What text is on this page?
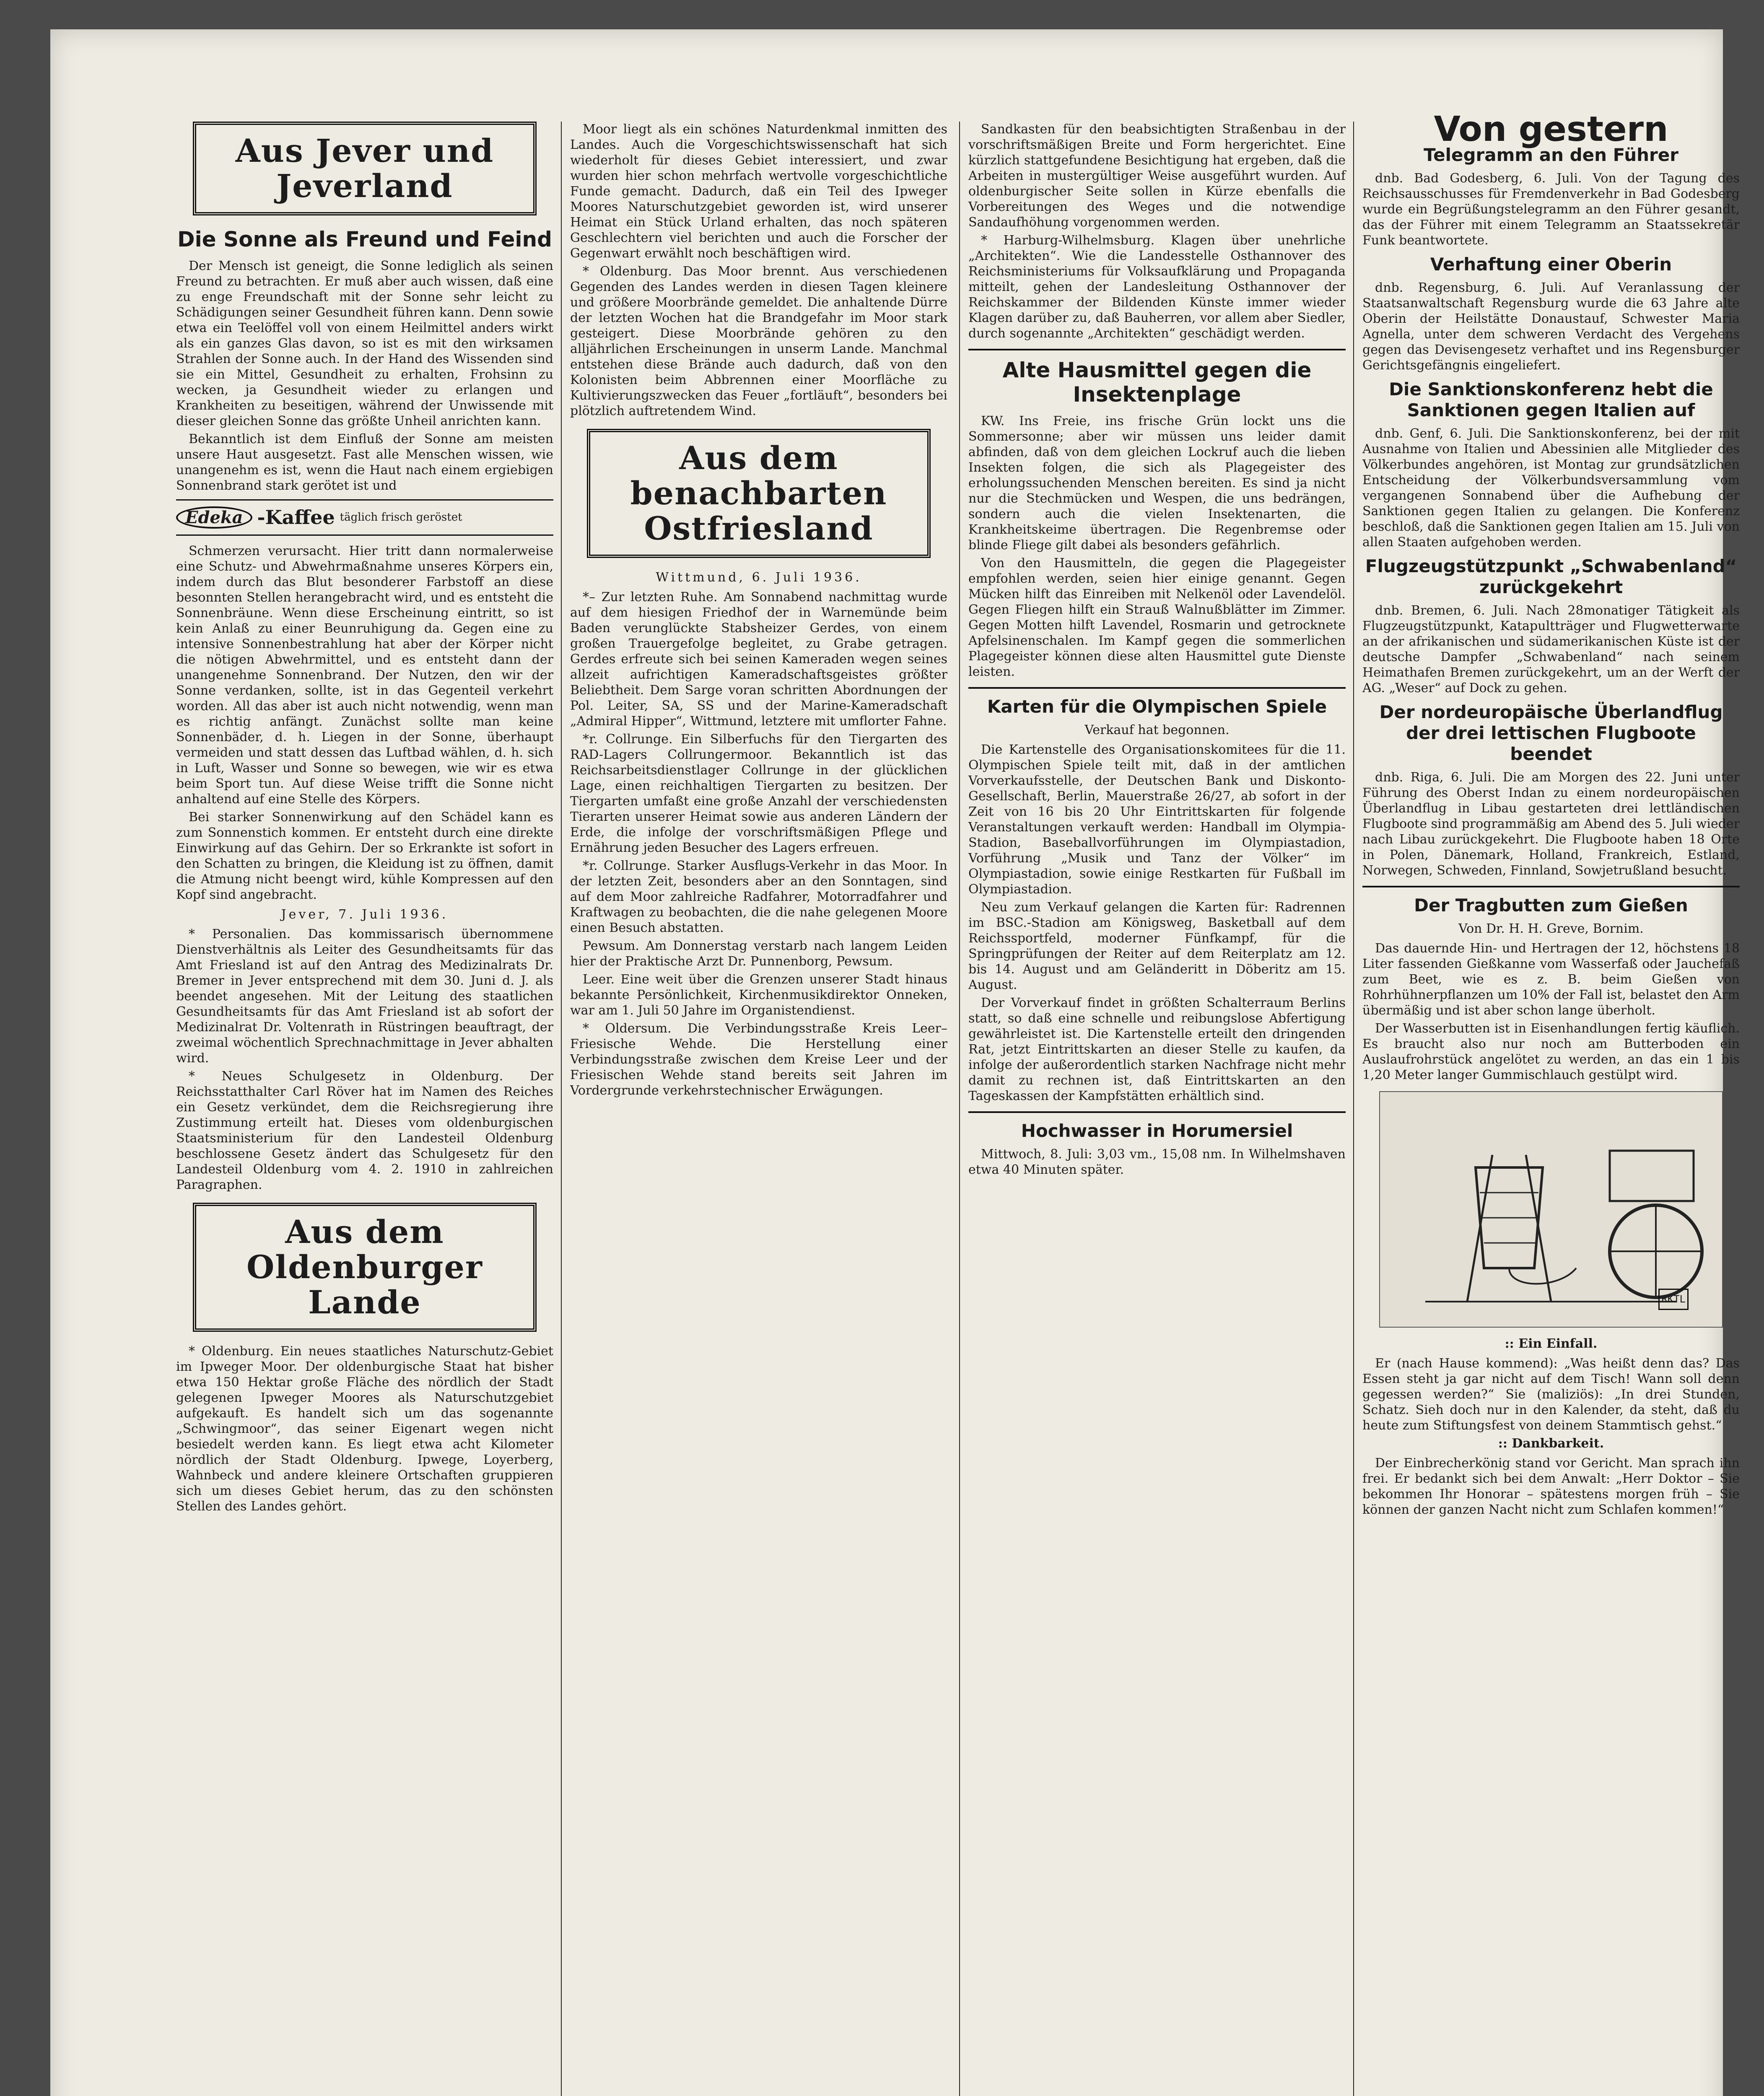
Aus Jever und Jeverland
Die Sonne als Freund und Feind

Der Mensch ist geneigt, die Sonne lediglich als seinen Freund zu betrachten. Er muß aber auch wissen, daß eine zu enge Freundschaft mit der Sonne sehr leicht zu Schädigungen seiner Gesundheit führen kann. Denn sowie etwa ein Teelöffel voll von einem Heilmittel anders wirkt als ein ganzes Glas davon, so ist es mit den wirksamen Strahlen der Sonne auch. In der Hand des Wissenden sind sie ein Mittel, Gesundheit zu erhalten, Frohsinn zu wecken, ja Gesundheit wieder zu erlangen und Krankheiten zu beseitigen, während der Unwissende mit dieser gleichen Sonne das größte Unheil anrichten kann.

Bekanntlich ist dem Einfluß der Sonne am meisten unsere Haut ausgesetzt. Fast alle Menschen wissen, wie unangenehm es ist, wenn die Haut nach einem ergiebigen Sonnenbrand stark gerötet ist und

Edeka -Kaffee täglich frisch geröstet

Schmerzen verursacht. Hier tritt dann normalerweise eine Schutz- und Abwehrmaßnahme unseres Körpers ein, indem durch das Blut besonderer Farbstoff an diese besonnten Stellen herangebracht wird, und es entsteht die Sonnenbräune. Wenn diese Erscheinung eintritt, so ist kein Anlaß zu einer Beunruhigung da. Gegen eine zu intensive Sonnenbestrahlung hat aber der Körper nicht die nötigen Abwehrmittel, und es entsteht dann der unangenehme Sonnenbrand. Der Nutzen, den wir der Sonne verdanken, sollte, ist in das Gegenteil verkehrt worden. All das aber ist auch nicht notwendig, wenn man es richtig anfängt. Zunächst sollte man keine Sonnenbäder, d. h. Liegen in der Sonne, überhaupt vermeiden und statt dessen das Luftbad wählen, d. h. sich in Luft, Wasser und Sonne so bewegen, wie wir es etwa beim Sport tun. Auf diese Weise trifft die Sonne nicht anhaltend auf eine Stelle des Körpers.

Bei starker Sonnenwirkung auf den Schädel kann es zum Sonnenstich kommen. Er entsteht durch eine direkte Einwirkung auf das Gehirn. Der so Erkrankte ist sofort in den Schatten zu bringen, die Kleidung ist zu öffnen, damit die Atmung nicht beengt wird, kühle Kompressen auf den Kopf sind angebracht.

Jever, 7. Juli 1936.

* Personalien. Das kommissarisch übernommene Dienstverhältnis als Leiter des Gesundheitsamts für das Amt Friesland ist auf den Antrag des Medizinalrats Dr. Bremer in Jever entsprechend mit dem 30. Juni d. J. als beendet angesehen. Mit der Leitung des staatlichen Gesundheitsamts für das Amt Friesland ist ab sofort der Medizinalrat Dr. Voltenrath in Rüstringen beauftragt, der zweimal wöchentlich Sprechnachmittage in Jever abhalten wird.

* Neues Schulgesetz in Oldenburg. Der Reichsstatthalter Carl Röver hat im Namen des Reiches ein Gesetz verkündet, dem die Reichsregierung ihre Zustimmung erteilt hat. Dieses vom oldenburgischen Staatsministerium für den Landesteil Oldenburg beschlossene Gesetz ändert das Schulgesetz für den Landesteil Oldenburg vom 4. 2. 1910 in zahlreichen Paragraphen.

Aus dem Oldenburger Lande

* Oldenburg. Ein neues staatliches Naturschutz-Gebiet im Ipweger Moor. Der oldenburgische Staat hat bisher etwa 150 Hektar große Fläche des nördlich der Stadt gelegenen Ipweger Moores als Naturschutzgebiet aufgekauft. Es handelt sich um das sogenannte „Schwingmoor“, das seiner Eigenart wegen nicht besiedelt werden kann. Es liegt etwa acht Kilometer nördlich der Stadt Oldenburg. Ipwege, Loyerberg, Wahnbeck und andere kleinere Ortschaften gruppieren sich um dieses Gebiet herum, das zu den schönsten Stellen des Landes gehört.

Moor liegt als ein schönes Naturdenkmal inmitten des Landes. Auch die Vorgeschichtswissenschaft hat sich wiederholt für dieses Gebiet interessiert, und zwar wurden hier schon mehrfach wertvolle vorgeschichtliche Funde gemacht. Dadurch, daß ein Teil des Ipweger Moores Naturschutzgebiet geworden ist, wird unserer Heimat ein Stück Urland erhalten, das noch späteren Geschlechtern viel berichten und auch die Forscher der Gegenwart erwählt noch beschäftigen wird.

* Oldenburg. Das Moor brennt. Aus verschiedenen Gegenden des Landes werden in diesen Tagen kleinere und größere Moorbrände gemeldet. Die anhaltende Dürre der letzten Wochen hat die Brandgefahr im Moor stark gesteigert. Diese Moorbrände gehören zu den alljährlichen Erscheinungen in unserm Lande. Manchmal entstehen diese Brände auch dadurch, daß von den Kolonisten beim Abbrennen einer Moorfläche zu Kultivierungszwecken das Feuer „fortläuft“, besonders bei plötzlich auftretendem Wind.

Aus dem benachbarten Ostfriesland
Wittmund, 6. Juli 1936.

*– Zur letzten Ruhe. Am Sonnabend nachmittag wurde auf dem hiesigen Friedhof der in Warnemünde beim Baden verunglückte Stabsheizer Gerdes, von einem großen Trauergefolge begleitet, zu Grabe getragen. Gerdes erfreute sich bei seinen Kameraden wegen seines allzeit aufrichtigen Kameradschaftsgeistes größter Beliebtheit. Dem Sarge voran schritten Abordnungen der Pol. Leiter, SA, SS und der Marine-Kameradschaft „Admiral Hipper“, Wittmund, letztere mit umflorter Fahne.

*r. Collrunge. Ein Silberfuchs für den Tiergarten des RAD-Lagers Collrungermoor. Bekanntlich ist das Reichsarbeitsdienstlager Collrunge in der glücklichen Lage, einen reichhaltigen Tiergarten zu besitzen. Der Tiergarten umfaßt eine große Anzahl der verschiedensten Tierarten unserer Heimat sowie aus anderen Ländern der Erde, die infolge der vorschriftsmäßigen Pflege und Ernährung jeden Besucher des Lagers erfreuen.

*r. Collrunge. Starker Ausflugs-Verkehr in das Moor. In der letzten Zeit, besonders aber an den Sonntagen, sind auf dem Moor zahlreiche Radfahrer, Motorradfahrer und Kraftwagen zu beobachten, die die nahe gelegenen Moore einen Besuch abstatten.

Pewsum. Am Donnerstag verstarb nach langem Leiden hier der Praktische Arzt Dr. Punnenborg, Pewsum.

Leer. Eine weit über die Grenzen unserer Stadt hinaus bekannte Persönlichkeit, Kirchenmusikdirektor Onneken, war am 1. Juli 50 Jahre im Organistendienst.

* Oldersum. Die Verbindungsstraße Kreis Leer–Friesische Wehde. Die Herstellung einer Verbindungsstraße zwischen dem Kreise Leer und der Friesischen Wehde stand bereits seit Jahren im Vordergrunde verkehrstechnischer Erwägungen.

Sandkasten für den beabsichtigten Straßenbau in der vorschriftsmäßigen Breite und Form hergerichtet. Eine kürzlich stattgefundene Besichtigung hat ergeben, daß die Arbeiten in mustergültiger Weise ausgeführt wurden. Auf oldenburgischer Seite sollen in Kürze ebenfalls die Vorbereitungen des Weges und die notwendige Sandaufhöhung vorgenommen werden.

* Harburg-Wilhelmsburg. Klagen über unehrliche „Architekten“. Wie die Landesstelle Osthannover des Reichsministeriums für Volksaufklärung und Propaganda mitteilt, gehen der Landesleitung Osthannover der Reichskammer der Bildenden Künste immer wieder Klagen darüber zu, daß Bauherren, vor allem aber Siedler, durch sogenannte „Architekten“ geschädigt werden.

Alte Hausmittel gegen die Insektenplage

KW. Ins Freie, ins frische Grün lockt uns die Sommersonne; aber wir müssen uns leider damit abfinden, daß von dem gleichen Lockruf auch die lieben Insekten folgen, die sich als Plagegeister des erholungssuchenden Menschen bereiten. Es sind ja nicht nur die Stechmücken und Wespen, die uns bedrängen, sondern auch die vielen Insektenarten, die Krankheitskeime übertragen. Die Regenbremse oder blinde Fliege gilt dabei als besonders gefährlich.

Von den Hausmitteln, die gegen die Plagegeister empfohlen werden, seien hier einige genannt. Gegen Mücken hilft das Einreiben mit Nelkenöl oder Lavendelöl. Gegen Fliegen hilft ein Strauß Walnußblätter im Zimmer. Gegen Motten hilft Lavendel, Rosmarin und getrocknete Apfelsinenschalen. Im Kampf gegen die sommerlichen Plagegeister können diese alten Hausmittel gute Dienste leisten.

Karten für die Olympischen Spiele
Verkauf hat begonnen.

Die Kartenstelle des Organisationskomitees für die 11. Olympischen Spiele teilt mit, daß in der amtlichen Vorverkaufsstelle, der Deutschen Bank und Diskonto-Gesellschaft, Berlin, Mauerstraße 26/27, ab sofort in der Zeit von 16 bis 20 Uhr Eintrittskarten für folgende Veranstaltungen verkauft werden: Handball im Olympia-Stadion, Baseballvorführungen im Olympiastadion, Vorführung „Musik und Tanz der Völker“ im Olympiastadion, sowie einige Restkarten für Fußball im Olympiastadion.

Neu zum Verkauf gelangen die Karten für: Radrennen im BSC.-Stadion am Königsweg, Basketball auf dem Reichssportfeld, moderner Fünfkampf, für die Springprüfungen der Reiter auf dem Reiterplatz am 12. bis 14. August und am Geländeritt in Döberitz am 15. August.

Der Vorverkauf findet in größten Schalterraum Berlins statt, so daß eine schnelle und reibungslose Abfertigung gewährleistet ist. Die Kartenstelle erteilt den dringenden Rat, jetzt Eintrittskarten an dieser Stelle zu kaufen, da infolge der außerordentlich starken Nachfrage nicht mehr damit zu rechnen ist, daß Eintrittskarten an den Tageskassen der Kampfstätten erhältlich sind.

Hochwasser in Horumersiel

Mittwoch, 8. Juli: 3,03 vm., 15,08 nm. In Wilhelmshaven etwa 40 Minuten später.

Von gestern
Telegramm an den Führer

dnb. Bad Godesberg, 6. Juli. Von der Tagung des Reichsausschusses für Fremdenverkehr in Bad Godesberg wurde ein Begrüßungstelegramm an den Führer gesandt, das der Führer mit einem Telegramm an Staatssekretär Funk beantwortete.

Verhaftung einer Oberin

dnb. Regensburg, 6. Juli. Auf Veranlassung der Staatsanwaltschaft Regensburg wurde die 63 Jahre alte Oberin der Heilstätte Donaustauf, Schwester Maria Agnella, unter dem schweren Verdacht des Vergehens gegen das Devisengesetz verhaftet und ins Regensburger Gerichtsgefängnis eingeliefert.

Die Sanktionskonferenz hebt die Sanktionen gegen Italien auf

dnb. Genf, 6. Juli. Die Sanktionskonferenz, bei der mit Ausnahme von Italien und Abessinien alle Mitglieder des Völkerbundes angehören, ist Montag zur grundsätzlichen Entscheidung der Völkerbundsversammlung vom vergangenen Sonnabend über die Aufhebung der Sanktionen gegen Italien zu gelangen. Die Konferenz beschloß, daß die Sanktionen gegen Italien am 15. Juli von allen Staaten aufgehoben werden.

Flugzeugstützpunkt „Schwabenland“ zurückgekehrt

dnb. Bremen, 6. Juli. Nach 28monatiger Tätigkeit als Flugzeugstützpunkt, Katapultträger und Flugwetterwarte an der afrikanischen und südamerikanischen Küste ist der deutsche Dampfer „Schwabenland“ nach seinem Heimathafen Bremen zurückgekehrt, um an der Werft der AG. „Weser“ auf Dock zu gehen.

Der nordeuropäische Überlandflug der drei lettischen Flugboote beendet

dnb. Riga, 6. Juli. Die am Morgen des 22. Juni unter Führung des Oberst Indan zu einem nordeuropäischen Überlandflug in Libau gestarteten drei lettländischen Flugboote sind programmäßig am Abend des 5. Juli wieder nach Libau zurückgekehrt. Die Flugboote haben 18 Orte in Polen, Dänemark, Holland, Frankreich, Estland, Norwegen, Schweden, Finnland, Sowjetrußland besucht.

Der Tragbutten zum Gießen
Von Dr. H. H. Greve, Bornim.

Das dauernde Hin- und Hertragen der 12, höchstens 18 Liter fassenden Gießkanne vom Wasserfaß oder Jauchefaß zum Beet, wie es z. B. beim Gießen von Rohrhühnerpflanzen um 10% der Fall ist, belastet den Arm übermäßig und ist aber schon lange überholt.

Der Wasserbutten ist in Eisenhandlungen fertig käuflich. Es braucht also nur noch am Butterboden ein Auslaufrohrstück angelötet zu werden, an das ein 1 bis 1,20 Meter langer Gummischlauch gestülpt wird.

RKTL
:: Ein Einfall.

Er (nach Hause kommend): „Was heißt denn das? Das Essen steht ja gar nicht auf dem Tisch! Wann soll denn gegessen werden?“ Sie (maliziös): „In drei Stunden, Schatz. Sieh doch nur in den Kalender, da steht, daß du heute zum Stiftungsfest von deinem Stammtisch gehst.“

:: Dankbarkeit.

Der Einbrecherkönig stand vor Gericht. Man sprach ihn frei. Er bedankt sich bei dem Anwalt: „Herr Doktor – Sie bekommen Ihr Honorar – spätestens morgen früh – Sie können der ganzen Nacht nicht zum Schlafen kommen!“
